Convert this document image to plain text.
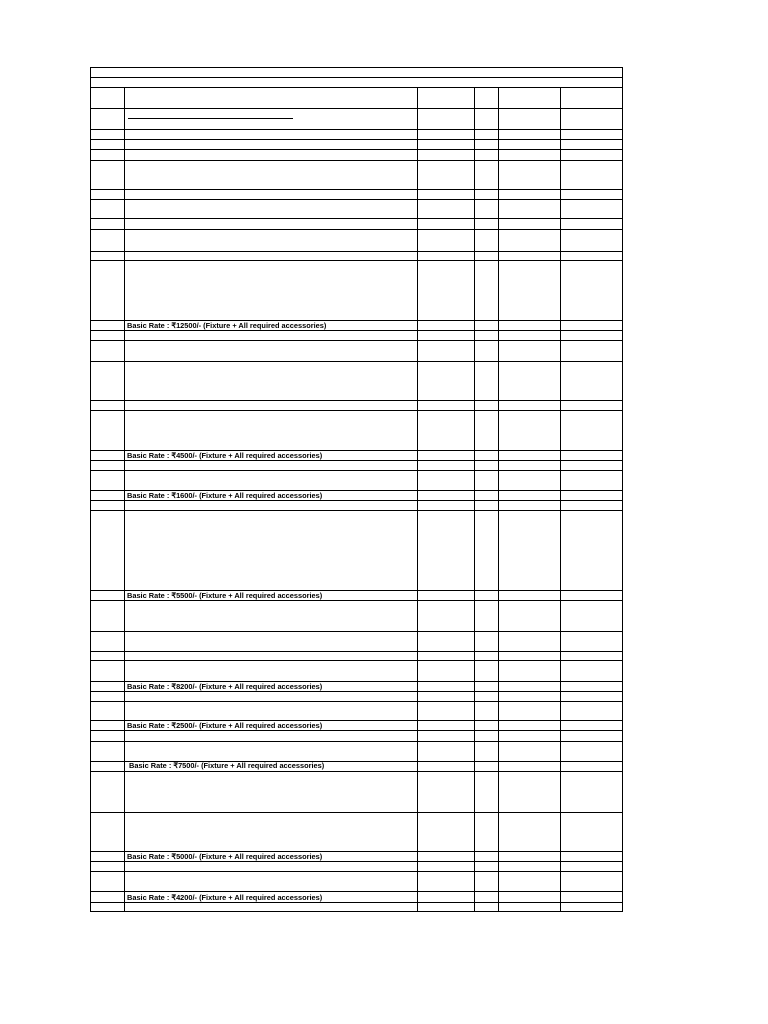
Basic Rate : ₹12500/- (Fixture + All required accessories)
Basic Rate : ₹4500/- (Fixture + All required accessories)
Basic Rate : ₹1600/- (Fixture + All required accessories)
Basic Rate : ₹5500/- (Fixture + All required accessories)
Basic Rate : ₹8200/- (Fixture + All required accessories)
Basic Rate : ₹2500/- (Fixture + All required accessories)
Basic Rate : ₹7500/- (Fixture + All required accessories)
Basic Rate : ₹5000/- (Fixture + All required accessories)
Basic Rate : ₹4200/- (Fixture + All required accessories)
